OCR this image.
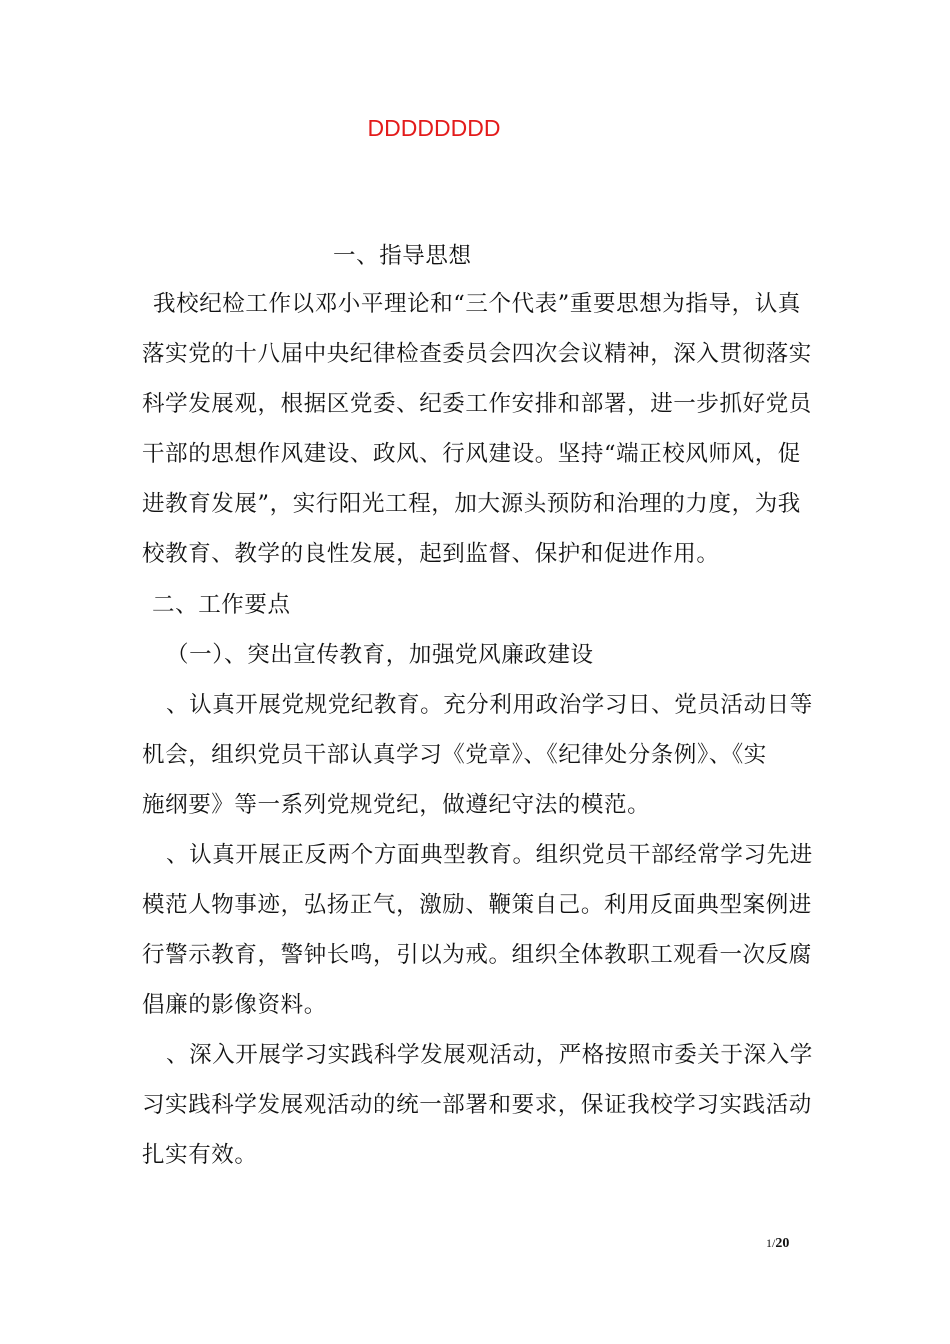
DDDDDDDD
一、指导思想
我校纪检工作以邓小平理论和“三个代表”重要思想为指导，认真
落实党的十八届中央纪律检查委员会四次会议精神，深入贯彻落实
科学发展观，根据区党委、纪委工作安排和部署，进一步抓好党员
干部的思想作风建设、政风、行风建设。坚持“端正校风师风，促
进教育发展”，实行阳光工程，加大源头预防和治理的力度，为我
校教育、教学的良性发展，起到监督、保护和促进作用。
二、工作要点
（一）、突出宣传教育，加强党风廉政建设
、认真开展党规党纪教育。充分利用政治学习日、党员活动日等
机会，组织党员干部认真学习《党章》、《纪律处分条例》、《实
施纲要》等一系列党规党纪，做遵纪守法的模范。
、认真开展正反两个方面典型教育。组织党员干部经常学习先进
模范人物事迹，弘扬正气，激励、鞭策自己。利用反面典型案例进
行警示教育，警钟长鸣，引以为戒。组织全体教职工观看一次反腐
倡廉的影像资料。
、深入开展学习实践科学发展观活动，严格按照市委关于深入学
习实践科学发展观活动的统一部署和要求，保证我校学习实践活动
扎实有效。
1/20
